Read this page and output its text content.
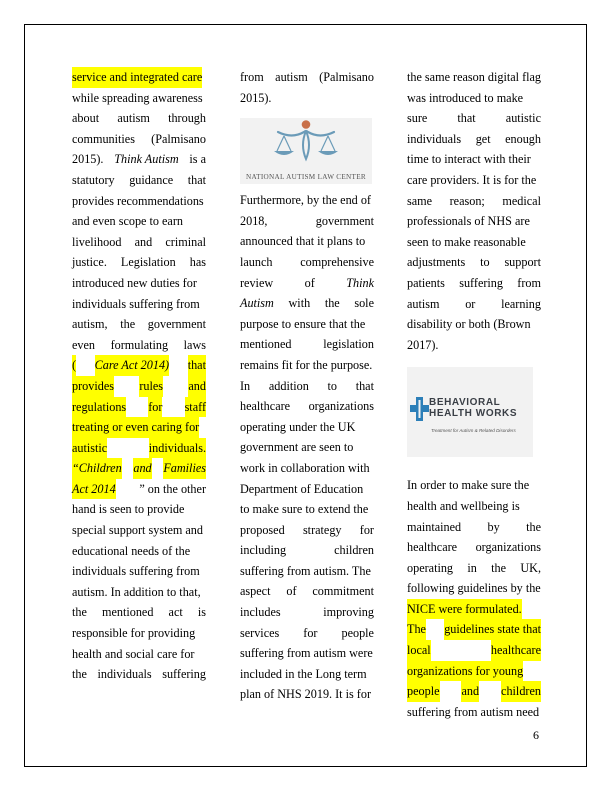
service and integrated care
while spreading awareness
about autism through
communities (Palmisano
2015). Think Autism is a
statutory guidance that
provides recommendations
and even scope to earn
livelihood and criminal
justice. Legislation has
introduced new duties for
individuals suffering from
autism, the government
even formulating laws
( Care Act 2014) that
provides rules and
regulations for staff
treating or even caring for
autistic	individuals.
“Children and Families
Act 2014 ” on the other
hand is seen to provide
special support system and
educational needs of the
individuals suffering from
autism. In addition to that,
the mentioned act is
responsible for providing
health and social care for
the individuals suffering
from autism (Palmisano
2015).
NATIONAL AUTISM LAW CENTER
Furthermore, by the end of
2018,	government
announced that it plans to
launch comprehensive
review	of	Think
Autism with the sole
purpose to ensure that the
mentioned	legislation
remains fit for the purpose.
In addition to that
healthcare organizations
operating under the UK
government are seen to
work in collaboration with
Department of Education
to make sure to extend the
proposed strategy for
including	children
suffering from autism. The
aspect of commitment
includes	improving
services for people
suffering from autism were
included in the Long term
plan of NHS 2019. It is for
the same reason digital flag
was introduced to make
sure that autistic
individuals get enough
time to interact with their
care providers. It is for the
same reason; medical
professionals of NHS are
seen to make reasonable
adjustments to support
patients suffering from
autism or learning
disability or both (Brown
2017).
BEHAVIORAL
HEALTH WORKS
Treatment for Autism & Related Disorders
In order to make sure the
health and wellbeing is
maintained by the
healthcare organizations
operating in the UK,
following guidelines by the
NICE were formulated.
The guidelines state that
local	healthcare
organizations for young
people and children
suffering from autism need
6
